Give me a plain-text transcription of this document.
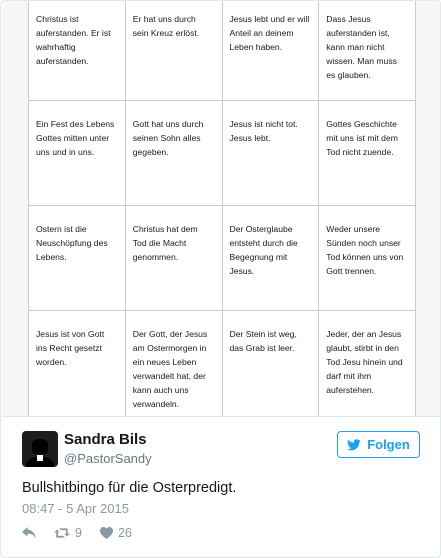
Christus ist auferstanden. Er ist wahrhaftig auferstanden.	Er hat uns durch sein Kreuz erlöst.	Jesus lebt und er will Anteil an deinem Leben haben.	Dass Jesus auferstanden ist, kann man nicht wissen. Man muss es glauben.
Ein Fest des Lebens Gottes mitten unter uns und in uns.	Gott hat uns durch seinen Sohn alles gegeben.	Jesus ist nicht tot. Jesus lebt.	Gottes Geschichte mit uns ist mit dem Tod nicht zuende.
Ostern ist die Neuschöpfung des Lebens.	Christus hat dem Tod die Macht genommen.	Der Osterglaube entsteht durch die Begegnung mit Jesus.	Weder unsere Sünden noch unser Tod können uns von Gott trennen.
Jesus ist von Gott ins Recht gesetzt worden.	Der Gott, der Jesus am Ostermorgen in ein neues Leben verwandelt hat, der kann auch uns verwandeln.	Der Stein ist weg, das Grab ist leer.	Jeder, der an Jesus glaubt, stirbt in den Tod Jesu hinein und darf mit ihm auferstehen.
Sandra Bils
@PastorSandy
Folgen

Bullshitbingo für die Osterpredigt.

08:47 - 5 Apr 2015
9	26
